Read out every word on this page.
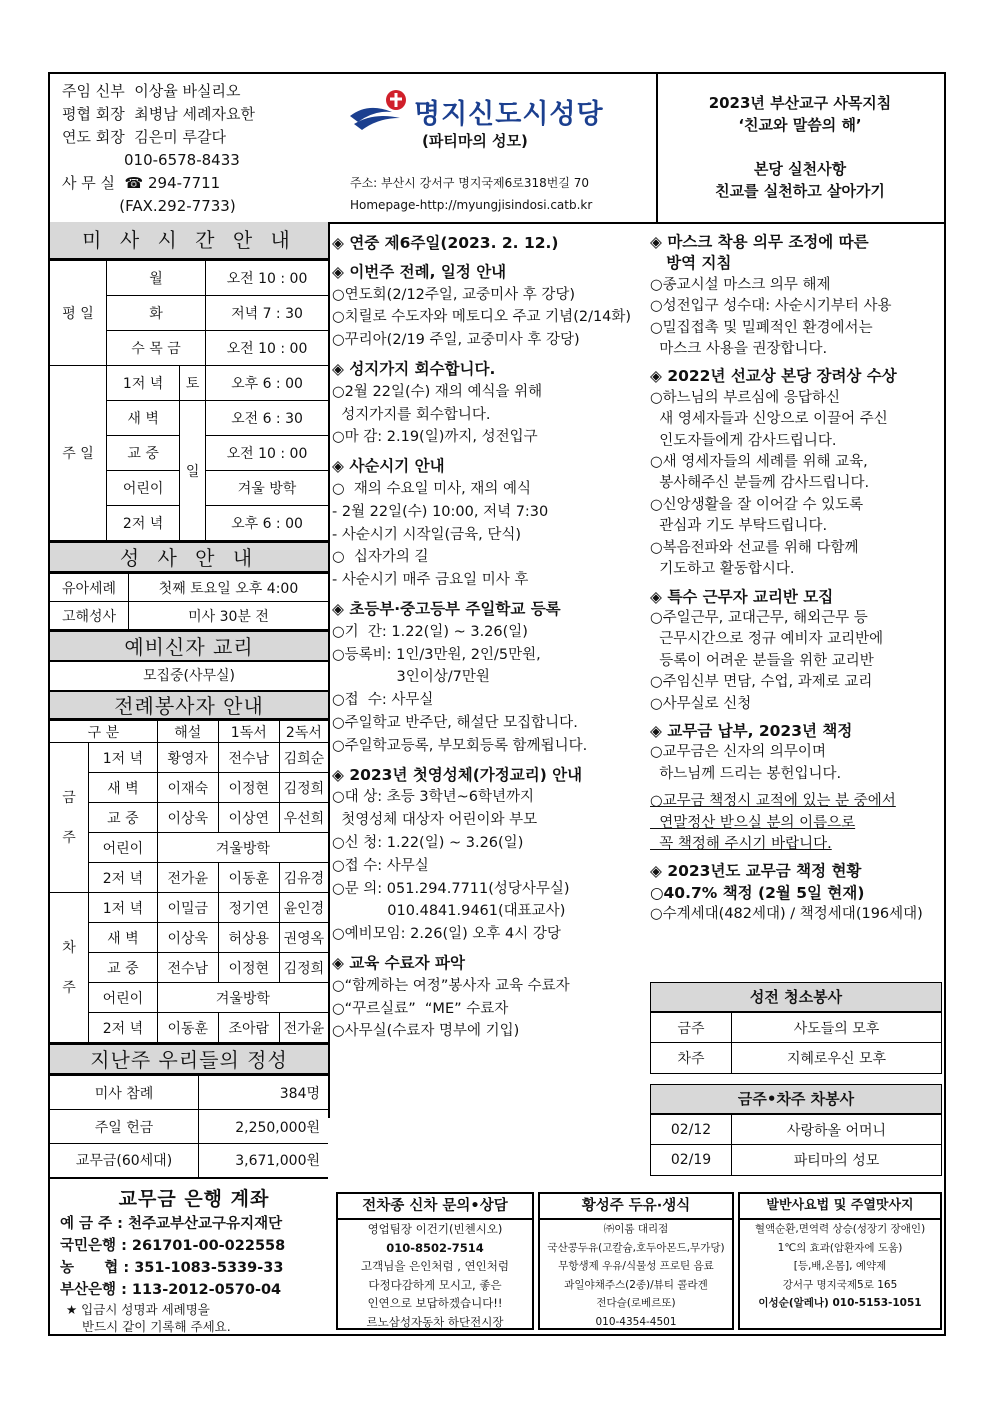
주임 신부  이상율 바실리오
평협 회장  최병남 세례자요한
연도 회장  김은미 루갈다
010-6578-8433
사 무 실  ☎ 294-7711
(FAX.292-7733)
명지신도시성당
(파티마의 성모)
주소: 부산시 강서구 명지국제6로318번길 70
Homepage-http://myungjisindosi.catb.kr
2023년 부산교구 사목지침
‘친교와 말씀의 해’
본당 실천사항
친교를 실천하고 살아가기
미 사 시 간 안 내
평 일	월		오전 10 : 00
	화		저녁 7 : 30
	수 목 금		오전 10 : 00
주 일	1저 녁	토	오후 6 : 00
	새 벽	일	오전 6 : 30
	교 중		오전 10 : 00
	어린이		겨울 방학
	2저 녁		오후 6 : 00
성 사 안 내
유아세례	첫째 토요일 오후 4:00
고해성사	미사 30분 전
예비신자 교리
모집중(사무실)
전례봉사자 안내
구 분		해설	1독서	2독서
금

주	1저 녁	황영자	전수남	김희순
	새 벽	이재숙	이정현	김정희
	교 중	이상욱	이상연	우선희
	어린이	겨울방학		
	2저 녁	전가윤	이동훈	김유경
차

주	1저 녁	이밀금	정기연	윤인경
	새 벽	이상욱	허상용	권영옥
	교 중	전수남	이정현	김정희
	어린이	겨울방학		
	2저 녁	이동훈	조아람	전가윤
지난주 우리들의 정성
미사 참례	384명
주일 헌금	2,250,000원
교무금(60세대)	3,671,000원
교무금 은행 계좌
예 금 주 : 천주교부산교구유지재단
국민은행 : 261701-00-022558
농      협 : 351-1083-5339-33
부산은행 : 113-2012-0570-04
★ 입금시 성명과 세례명을
반드시 같이 기록해 주세요.
◈ 연중 제6주일(2023. 2. 12.)
◈ 이번주 전례, 일정 안내
○연도회(2/12주일, 교중미사 후 강당)
○치릴로 수도자와 메토디오 주교 기념(2/14화)
○꾸리아(2/19 주일, 교중미사 후 강당)
◈ 성지가지 회수합니다.
○2월 22일(수) 재의 예식을 위해
성지가지를 회수합니다.
○마 감: 2.19(일)까지, 성전입구
◈ 사순시기 안내
○  재의 수요일 미사, 재의 예식
- 2월 22일(수) 10:00, 저녁 7:30
- 사순시기 시작일(금육, 단식)
○  십자가의 길
- 사순시기 매주 금요일 미사 후
◈ 초등부·중고등부 주일학교 등록
○기  간: 1.22(일) ~ 3.26(일)
○등록비: 1인/3만원, 2인/5만원,
3인이상/7만원
○접  수: 사무실
○주일학교 반주단, 해설단 모집합니다.
○주일학교등록, 부모회등록 함께됩니다.
◈ 2023년 첫영성체(가정교리) 안내
○대 상: 초등 3학년~6학년까지
첫영성체 대상자 어린이와 부모
○신 청: 1.22(일) ~ 3.26(일)
○접 수: 사무실
○문 의: 051.294.7711(성당사무실)
010.4841.9461(대표교사)
○예비모임: 2.26(일) 오후 4시 강당
◈ 교육 수료자 파악
○“함께하는 여정”봉사자 교육 수료자
○“꾸르실료”  “ME” 수료자
○사무실(수료자 명부에 기입)
◈ 마스크 착용 의무 조정에 따른
방역 지침
○종교시설 마스크 의무 해제
○성전입구 성수대: 사순시기부터 사용
○밀집접촉 및 밀폐적인 환경에서는
마스크 사용을 권장합니다.
◈ 2022년 선교상 본당 장려상 수상
○하느님의 부르심에 응답하신
새 영세자들과 신앙으로 이끌어 주신
인도자들에게 감사드립니다.
○새 영세자들의 세례를 위해 교육,
봉사해주신 분들께 감사드립니다.
○신앙생활을 잘 이어갈 수 있도록
관심과 기도 부탁드립니다.
○복음전파와 선교를 위해 다함께
기도하고 활동합시다.
◈ 특수 근무자 교리반 모집
○주일근무, 교대근무, 해외근무 등
근무시간으로 정규 예비자 교리반에
등록이 어려운 분들을 위한 교리반
○주임신부 면담, 수업, 과제로 교리
○사무실로 신청
◈ 교무금 납부, 2023년 책정
○교무금은 신자의 의무이며
하느님께 드리는 봉헌입니다.
○교무금 책정시 교적에 있는 분 중에서
연말정산 받으실 분의 이름으로
꼭 책정해 주시기 바랍니다.
◈ 2023년도 교무금 책정 현황
○40.7% 책정 (2월 5일 현재)
○수계세대(482세대) / 책정세대(196세대)
성전 청소봉사
금주	사도들의 모후
차주	지혜로우신 모후
금주•차주 차봉사
02/12	사랑하올 어머니
02/19	파티마의 성모
전차종 신차 문의•상담
영업팀장 이건기(빈첸시오)
010-8502-7514
고객님을 은인처럼 , 연인처럼
다정다감하게 모시고, 좋은
인연으로 보답하겠습니다!!
르노삼성자동차 하단전시장
황성주 두유·생식
㈜이롬 대리점
국산콩두유(고칼슘,호두아몬드,무가당)
무항생제 우유/식물성 프로틴 음료
과일야채주스(2종)/뷰티 콜라겐
전다슬(로베르또)
010-4354-4501
발반사요법 및 주열맛사지
혈액순환,면역력 상승(성장기 장애인)
1℃의 효과(암환자에 도움)
[등,배,온몸], 예약제
강서구 명지국제5로 165
이성순(알레나) 010-5153-1051
